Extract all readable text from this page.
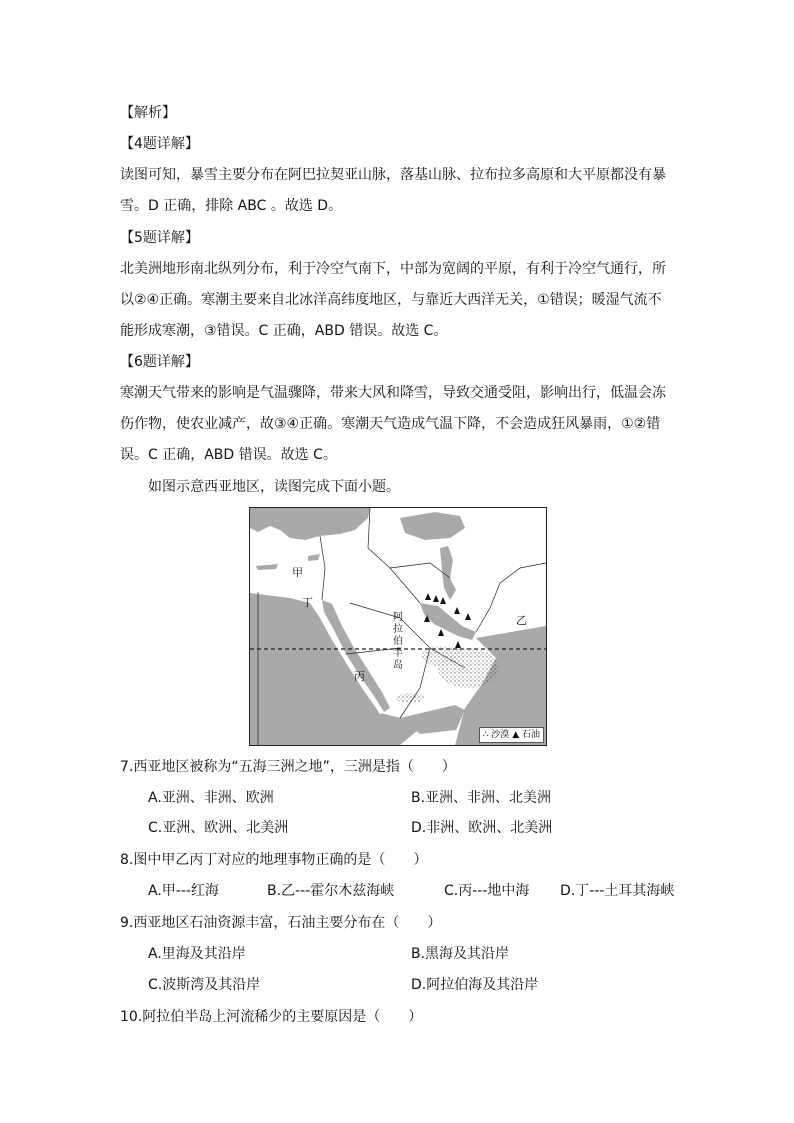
【解析】
【4题详解】
读图可知，暴雪主要分布在阿巴拉契亚山脉，落基山脉、拉布拉多高原和大平原都没有暴
雪。D 正确，排除 ABC 。故选 D。
【5题详解】
北美洲地形南北纵列分布，利于冷空气南下，中部为宽阔的平原，有利于冷空气通行，所
以②④正确。寒潮主要来自北冰洋高纬度地区，与靠近大西洋无关，①错误；暖湿气流不
能形成寒潮，③错误。C 正确，ABD 错误。故选 C。
【6题详解】
寒潮天气带来的影响是气温骤降，带来大风和降雪，导致交通受阻，影响出行，低温会冻
伤作物，使农业减产，故③④正确。寒潮天气造成气温下降，不会造成狂风暴雨，①②错
误。C 正确，ABD 错误。故选 C。
如图示意西亚地区，读图完成下面小题。
甲
丁
乙
丙
阿
拉
伯
半
岛
∴ 沙漠 ▲ 石油
7.西亚地区被称为“五海三洲之地”，三洲是指（　　）
A.亚洲、非洲、欧洲	B.亚洲、非洲、北美洲
C.亚洲、欧洲、北美洲	D.非洲、欧洲、北美洲
8.图中甲乙丙丁对应的地理事物正确的是（　　）
A.甲---红海	B.乙---霍尔木兹海峡	C.丙---地中海 D.丁---土耳其海峡
9.西亚地区石油资源丰富，石油主要分布在（　　）
A.里海及其沿岸	B.黑海及其沿岸
C.波斯湾及其沿岸	D.阿拉伯海及其沿岸
10.阿拉伯半岛上河流稀少的主要原因是（　　）
